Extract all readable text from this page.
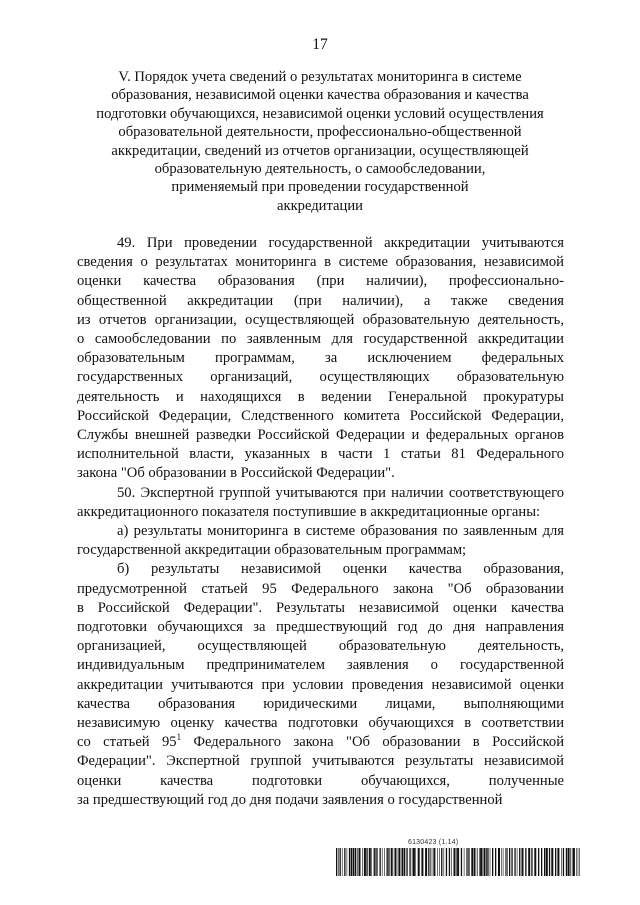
17
V. Порядок учета сведений о результатах мониторинга в системе
образования, независимой оценки качества образования и качества
подготовки обучающихся, независимой оценки условий осуществления
образовательной деятельности, профессионально-общественной
аккредитации, сведений из отчетов организации, осуществляющей
образовательную деятельность, о самообследовании,
применяемый при проведении государственной
аккредитации
49. При проведении государственной аккредитации учитываются
сведения о результатах мониторинга в системе образования, независимой
оценки качества образования (при наличии), профессионально-
общественной аккредитации (при наличии), а также сведения
из отчетов организации, осуществляющей образовательную деятельность,
о самообследовании по заявленным для государственной аккредитации
образовательным программам, за исключением федеральных
государственных организаций, осуществляющих образовательную
деятельность и находящихся в ведении Генеральной прокуратуры
Российской Федерации, Следственного комитета Российской Федерации,
Службы внешней разведки Российской Федерации и федеральных органов
исполнительной власти, указанных в части 1 статьи 81 Федерального
закона "Об образовании в Российской Федерации".
50. Экспертной группой учитываются при наличии соответствующего
аккредитационного показателя поступившие в аккредитационные органы:
а) результаты мониторинга в системе образования по заявленным для
государственной аккредитации образовательным программам;
б) результаты независимой оценки качества образования,
предусмотренной статьей 95 Федерального закона "Об образовании
в Российской Федерации". Результаты независимой оценки качества
подготовки обучающихся за предшествующий год до дня направления
организацией, осуществляющей образовательную деятельность,
индивидуальным предпринимателем заявления о государственной
аккредитации учитываются при условии проведения независимой оценки
качества образования юридическими лицами, выполняющими
независимую оценку качества подготовки обучающихся в соответствии
со статьей $95^1$ Федерального закона "Об образовании в Российской
Федерации". Экспертной группой учитываются результаты независимой
оценки качества подготовки обучающихся, полученные
за предшествующий год до дня подачи заявления о государственной
6130423 (1.14)
